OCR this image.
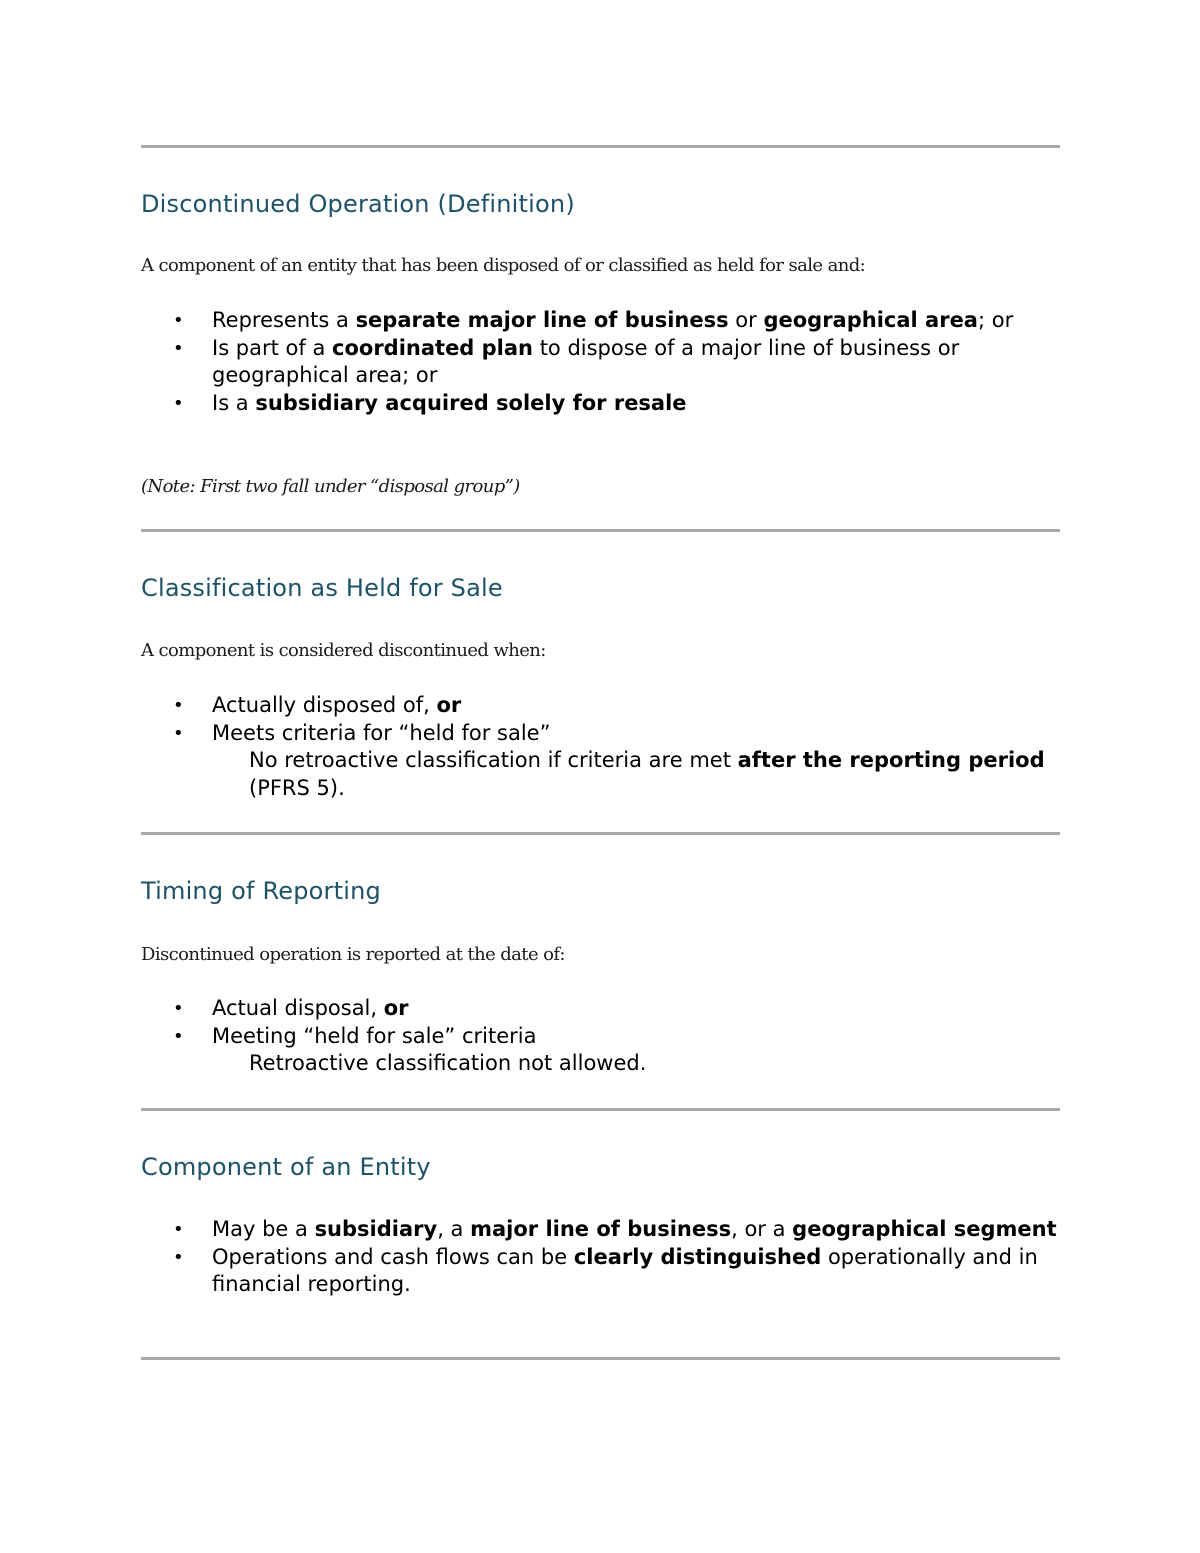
Discontinued Operation (Definition)

A component of an entity that has been disposed of or classified as held for sale and:

• Represents a separate major line of business or geographical area; or
• Is part of a coordinated plan to dispose of a major line of business or geographical area; or
• Is a subsidiary acquired solely for resale

(Note: First two fall under “disposal group”)

Classification as Held for Sale

A component is considered discontinued when:

• Actually disposed of, or
• Meets criteria for “held for sale”
No retroactive classification if criteria are met after the reporting period (PFRS 5).
Timing of Reporting

Discontinued operation is reported at the date of:

• Actual disposal, or
• Meeting “held for sale” criteria
Retroactive classification not allowed.
Component of an Entity
• May be a subsidiary, a major line of business, or a geographical segment
• Operations and cash flows can be clearly distinguished operationally and in financial reporting.
